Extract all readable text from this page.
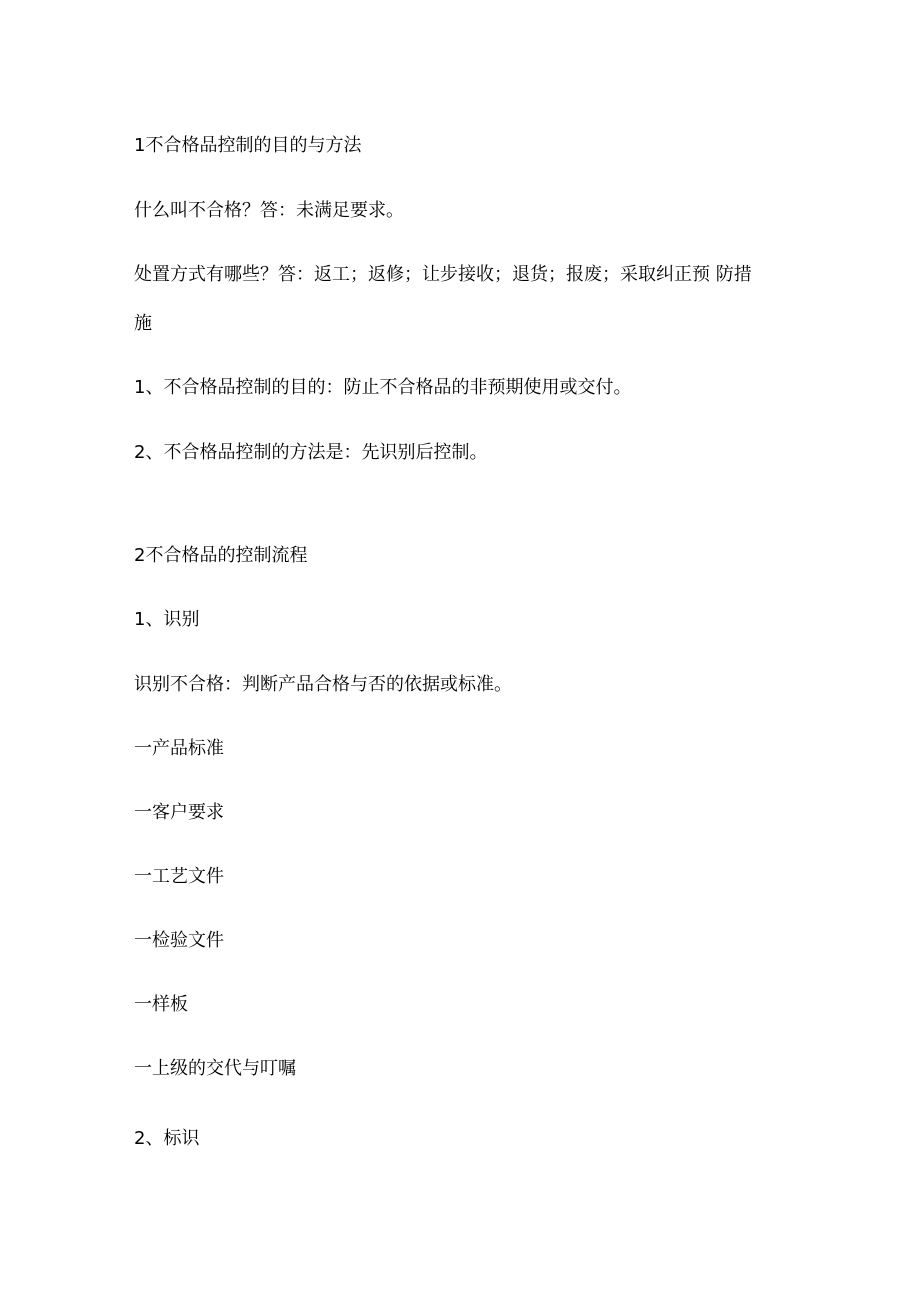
1不合格品控制的目的与方法
什么叫不合格？答：未满足要求。
处置方式有哪些？答：返工；返修；让步接收；退货；报废；采取纠正预 防措
施
1、不合格品控制的目的：防止不合格品的非预期使用或交付。
2、不合格品控制的方法是：先识别后控制。
2不合格品的控制流程
1、识别
识别不合格：判断产品合格与否的依据或标准。
一产品标准
一客户要求
一工艺文件
一检验文件
一样板
一上级的交代与叮嘱
2、标识
